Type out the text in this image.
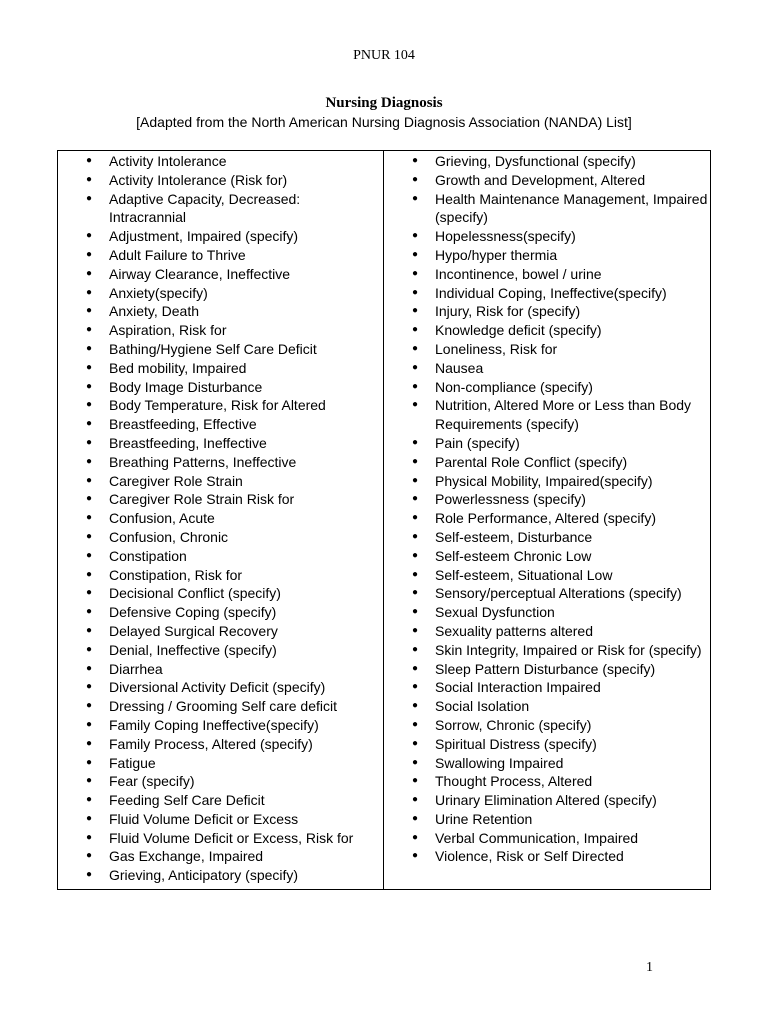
PNUR 104
Nursing Diagnosis
[Adapted from the North American Nursing Diagnosis Association (NANDA) List]
● Activity Intolerance
● Activity Intolerance (Risk for)
● Adaptive Capacity, Decreased: Intracrannial
● Adjustment, Impaired (specify)
● Adult Failure to Thrive
● Airway Clearance, Ineffective
● Anxiety(specify)
● Anxiety, Death
● Aspiration, Risk for
● Bathing/Hygiene Self Care Deficit
● Bed mobility, Impaired
● Body Image Disturbance
● Body Temperature, Risk for Altered
● Breastfeeding, Effective
● Breastfeeding, Ineffective
● Breathing Patterns, Ineffective
● Caregiver Role Strain
● Caregiver Role Strain Risk for
● Confusion, Acute
● Confusion, Chronic
● Constipation
● Constipation, Risk for
● Decisional Conflict (specify)
● Defensive Coping (specify)
● Delayed Surgical Recovery
● Denial, Ineffective (specify)
● Diarrhea
● Diversional Activity Deficit (specify)
● Dressing / Grooming Self care deficit
● Family Coping Ineffective(specify)
● Family Process, Altered (specify)
● Fatigue
● Fear (specify)
● Feeding Self Care Deficit
● Fluid Volume Deficit or Excess
● Fluid Volume Deficit or Excess, Risk for
● Gas Exchange, Impaired
● Grieving, Anticipatory (specify)
● Grieving, Dysfunctional (specify)
● Growth and Development, Altered
● Health Maintenance Management, Impaired (specify)
● Hopelessness(specify)
● Hypo/hyper thermia
● Incontinence, bowel / urine
● Individual Coping, Ineffective(specify)
● Injury, Risk for (specify)
● Knowledge deficit (specify)
● Loneliness, Risk for
● Nausea
● Non-compliance (specify)
● Nutrition, Altered More or Less than Body Requirements (specify)
● Pain (specify)
● Parental Role Conflict (specify)
● Physical Mobility, Impaired(specify)
● Powerlessness (specify)
● Role Performance, Altered (specify)
● Self-esteem, Disturbance
● Self-esteem Chronic Low
● Self-esteem, Situational Low
● Sensory/perceptual Alterations (specify)
● Sexual Dysfunction
● Sexuality patterns altered
● Skin Integrity, Impaired or Risk for (specify)
● Sleep Pattern Disturbance (specify)
● Social Interaction Impaired
● Social Isolation
● Sorrow, Chronic (specify)
● Spiritual Distress (specify)
● Swallowing Impaired
● Thought Process, Altered
● Urinary Elimination Altered (specify)
● Urine Retention
● Verbal Communication, Impaired
● Violence, Risk or Self Directed
1
